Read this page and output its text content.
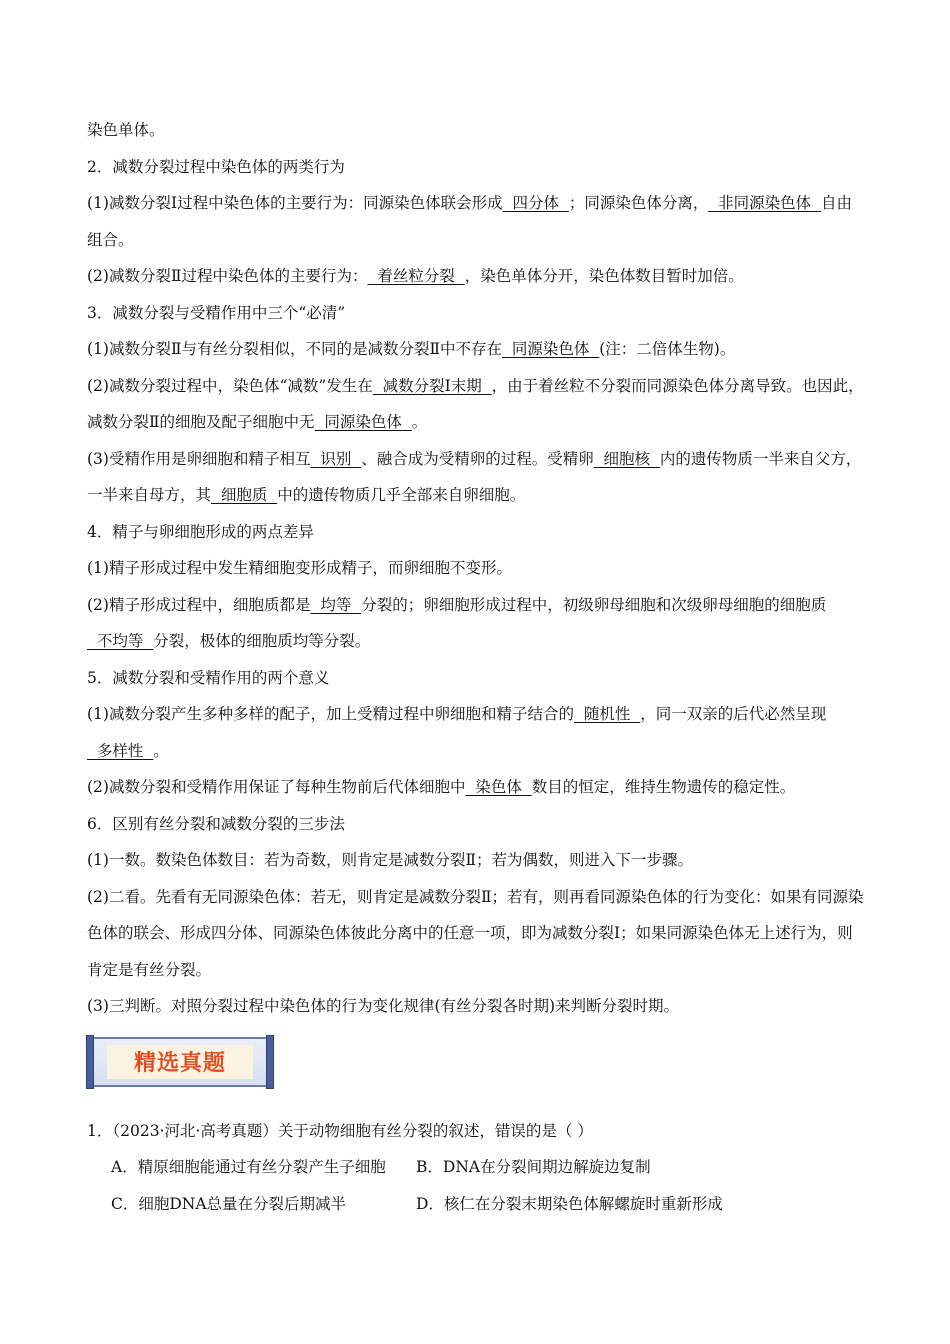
染色单体。
2．减数分裂过程中染色体的两类行为
(1)减数分裂Ⅰ过程中染色体的主要行为：同源染色体联会形成  四分体  ；同源染色体分离，  非同源染色体  自由组合。
(2)减数分裂Ⅱ过程中染色体的主要行为：  着丝粒分裂  ，染色单体分开，染色体数目暂时加倍。
3．减数分裂与受精作用中三个“必清”
(1)减数分裂Ⅱ与有丝分裂相似，不同的是减数分裂Ⅱ中不存在  同源染色体  (注：二倍体生物)。
(2)减数分裂过程中，染色体“减数”发生在  减数分裂Ⅰ末期  ，由于着丝粒不分裂而同源染色体分离导致。也因此，减数分裂Ⅱ的细胞及配子细胞中无  同源染色体  。
(3)受精作用是卵细胞和精子相互  识别  、融合成为受精卵的过程。受精卵  细胞核  内的遗传物质一半来自父方，一半来自母方，其  细胞质  中的遗传物质几乎全部来自卵细胞。
4．精子与卵细胞形成的两点差异
(1)精子形成过程中发生精细胞变形成精子，而卵细胞不变形。
(2)精子形成过程中，细胞质都是  均等  分裂的；卵细胞形成过程中，初级卵母细胞和次级卵母细胞的细胞质  不均等  分裂，极体的细胞质均等分裂。
5．减数分裂和受精作用的两个意义
(1)减数分裂产生多种多样的配子，加上受精过程中卵细胞和精子结合的  随机性  ，同一双亲的后代必然呈现  多样性  。
(2)减数分裂和受精作用保证了每种生物前后代体细胞中  染色体  数目的恒定，维持生物遗传的稳定性。
6．区别有丝分裂和减数分裂的三步法
(1)一数。数染色体数目：若为奇数，则肯定是减数分裂Ⅱ；若为偶数，则进入下一步骤。
(2)二看。先看有无同源染色体：若无，则肯定是减数分裂Ⅱ；若有，则再看同源染色体的行为变化：如果有同源染色体的联会、形成四分体、同源染色体彼此分离中的任意一项，即为减数分裂Ⅰ；如果同源染色体无上述行为，则肯定是有丝分裂。
(3)三判断。对照分裂过程中染色体的行为变化规律(有丝分裂各时期)来判断分裂时期。
精选真题
1．（2023·河北·高考真题）关于动物细胞有丝分裂的叙述，错误的是（ ）
A．精原细胞能通过有丝分裂产生子细胞	B．DNA在分裂间期边解旋边复制
C．细胞DNA总量在分裂后期减半	D．核仁在分裂末期染色体解螺旋时重新形成
